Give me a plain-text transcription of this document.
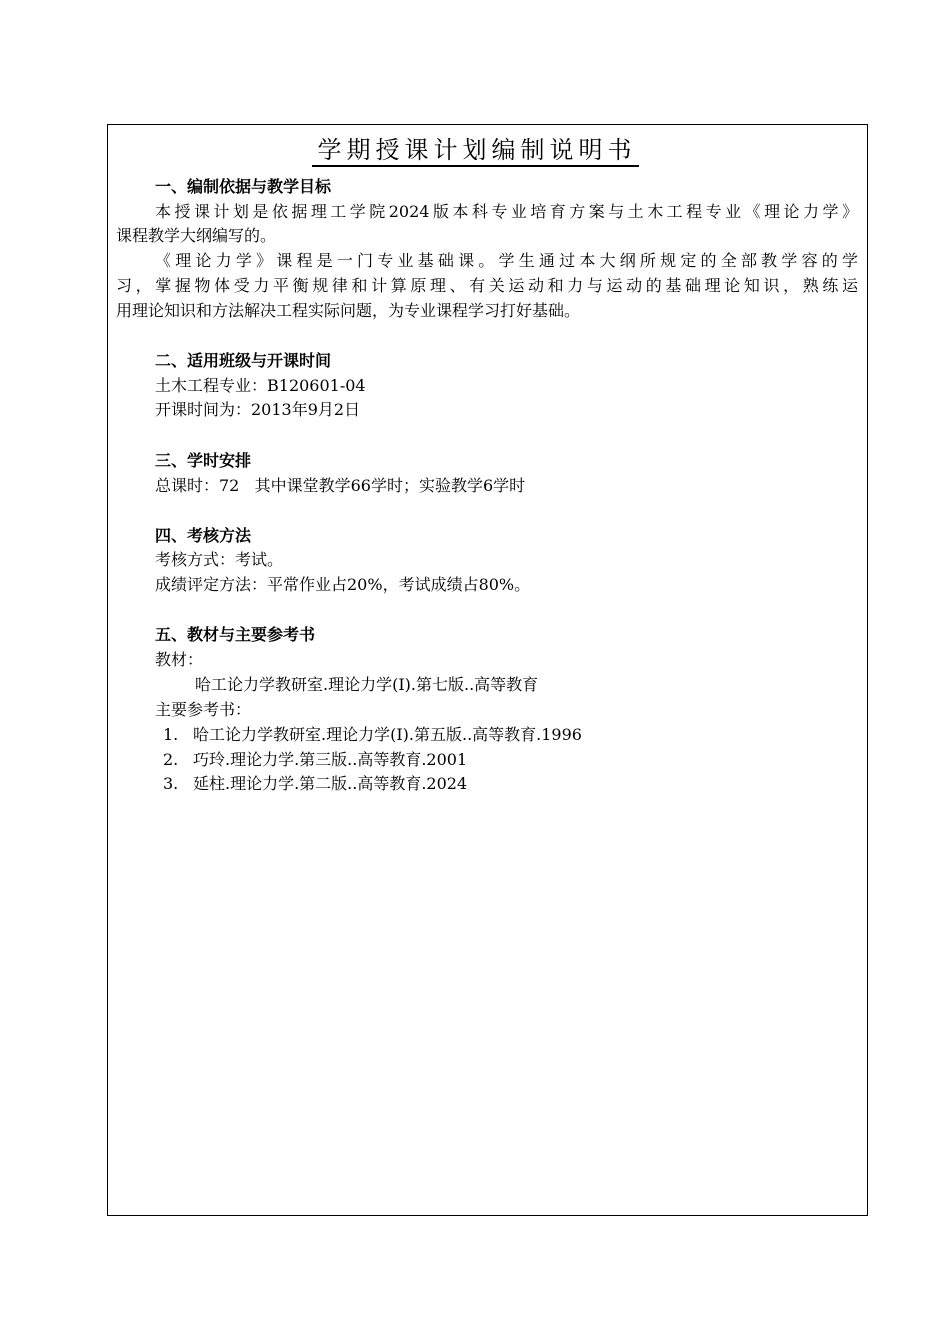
学期授课计划编制说明书
一、编制依据与教学目标
本授课计划是依据理工学院2024版本科专业培育方案与土木工程专业《理论力学》
课程教学大纲编写的。
《理论力学》课程是一门专业基础课。学生通过本大纲所规定的全部教学容的学
习，掌握物体受力平衡规律和计算原理、有关运动和力与运动的基础理论知识，熟练运
用理论知识和方法解决工程实际问题，为专业课程学习打好基础。
二、适用班级与开课时间
土木工程专业：B120601-04
开课时间为：2013年9月2日
三、学时安排
总课时：72   其中课堂教学66学时；实验教学6学时
四、考核方法
考核方式：考试。
成绩评定方法：平常作业占20%，考试成绩占80%。
五、教材与主要参考书
教材：
哈工论力学教研室.理论力学(Ⅰ).第七版..高等教育
主要参考书：
1. 哈工论力学教研室.理论力学(Ⅰ).第五版..高等教育.1996
2. 巧玲.理论力学.第三版..高等教育.2001
3. 延柱.理论力学.第二版..高等教育.2024
